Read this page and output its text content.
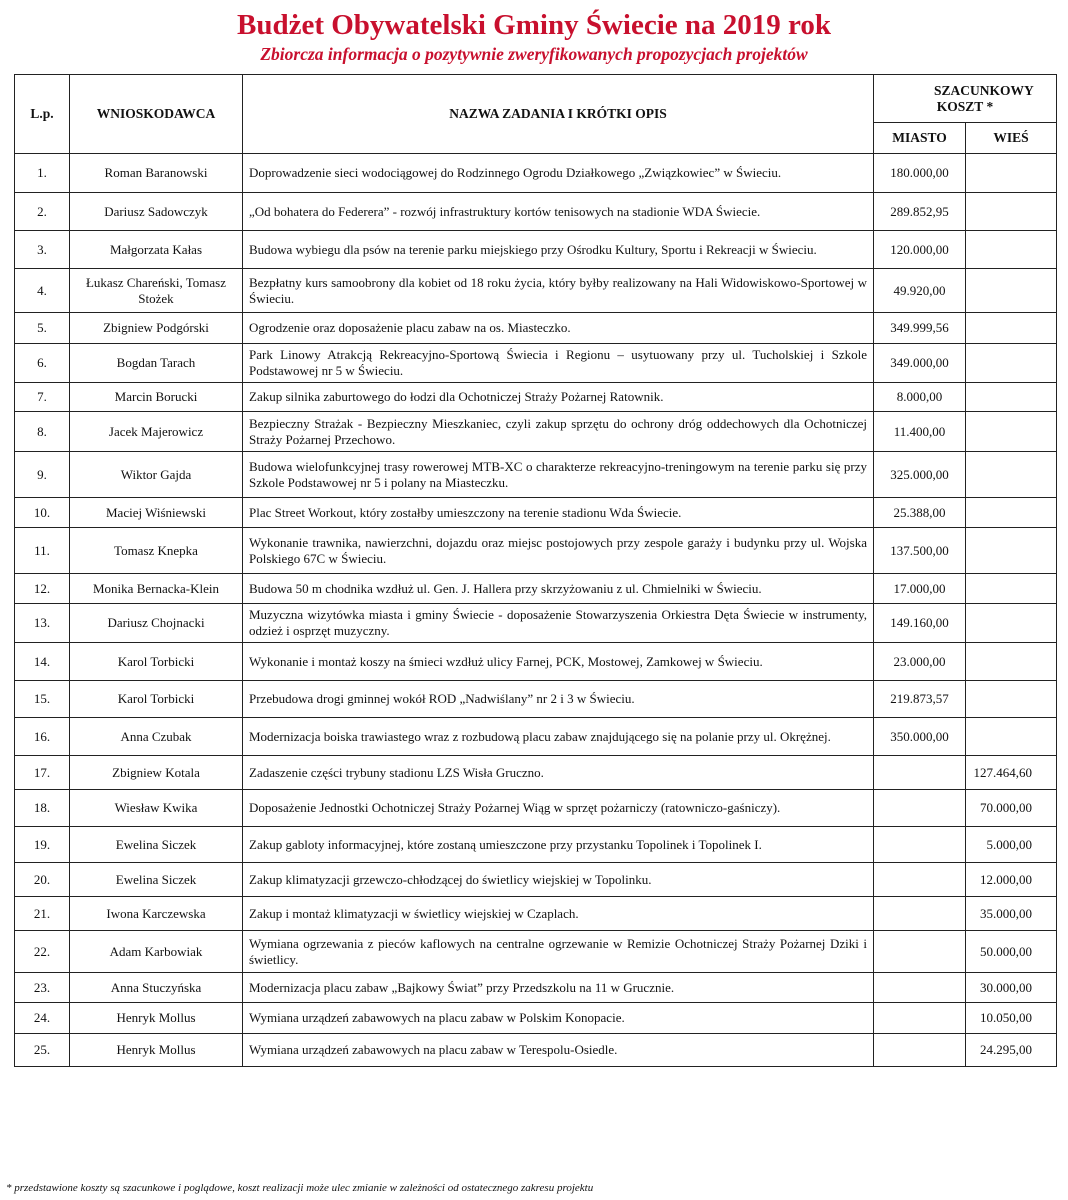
Budżet Obywatelski Gminy Świecie na 2019 rok
Zbiorcza informacja o pozytywnie zweryfikowanych propozycjach projektów
L.p.	WNIOSKODAWCA	NAZWA ZADANIA I KRÓTKI OPIS	SZACUNKOWY KOSZT *	
			MIASTO	WIEŚ
1.	Roman Baranowski	Doprowadzenie sieci wodociągowej do Rodzinnego Ogrodu Działkowego „Związkowiec” w Świeciu.	180.000,00	
2.	Dariusz Sadowczyk	„Od bohatera do Federera” - rozwój infrastruktury kortów tenisowych na stadionie WDA Świecie.	289.852,95	
3.	Małgorzata Kałas	Budowa wybiegu dla psów na terenie parku miejskiego przy Ośrodku Kultury, Sportu i Rekreacji w Świeciu.	120.000,00	
4.	Łukasz Chareński, Tomasz Stożek	Bezpłatny kurs samoobrony dla kobiet od 18 roku życia, który byłby realizowany na Hali Widowiskowo-Sportowej w Świeciu.	49.920,00	
5.	Zbigniew Podgórski	Ogrodzenie oraz doposażenie placu zabaw na os. Miasteczko.	349.999,56	
6.	Bogdan Tarach	Park Linowy Atrakcją Rekreacyjno-Sportową Świecia i Regionu – usytuowany przy ul. Tucholskiej i Szkole Podstawowej nr 5 w Świeciu.	349.000,00	
7.	Marcin Borucki	Zakup silnika zaburtowego do łodzi dla Ochotniczej Straży Pożarnej Ratownik.	8.000,00	
8.	Jacek Majerowicz	Bezpieczny Strażak - Bezpieczny Mieszkaniec, czyli zakup sprzętu do ochrony dróg oddechowych dla Ochotniczej Straży Pożarnej Przechowo.	11.400,00	
9.	Wiktor Gajda	Budowa wielofunkcyjnej trasy rowerowej MTB-XC o charakterze rekreacyjno-treningowym na terenie parku się przy Szkole Podstawowej nr 5 i polany na Miasteczku.	325.000,00	
10.	Maciej Wiśniewski	Plac Street Workout, który zostałby umieszczony na terenie stadionu Wda Świecie.	25.388,00	
11.	Tomasz Knepka	Wykonanie trawnika, nawierzchni, dojazdu oraz miejsc postojowych przy zespole garaży i budynku przy ul. Wojska Polskiego 67C w Świeciu.	137.500,00	
12.	Monika Bernacka-Klein	Budowa 50 m chodnika wzdłuż ul. Gen. J. Hallera przy skrzyżowaniu z ul. Chmielniki w Świeciu.	17.000,00	
13.	Dariusz Chojnacki	Muzyczna wizytówka miasta i gminy Świecie - doposażenie Stowarzyszenia Orkiestra Dęta Świecie w instrumenty, odzież i osprzęt muzyczny.	149.160,00	
14.	Karol Torbicki	Wykonanie i montaż koszy na śmieci wzdłuż ulicy Farnej, PCK, Mostowej, Zamkowej w Świeciu.	23.000,00	
15.	Karol Torbicki	Przebudowa drogi gminnej wokół ROD „Nadwiślany” nr 2 i 3 w Świeciu.	219.873,57	
16.	Anna Czubak	Modernizacja boiska trawiastego wraz z rozbudową placu zabaw znajdującego się na polanie przy ul. Okrężnej.	350.000,00	
17.	Zbigniew Kotala	Zadaszenie części trybuny stadionu LZS Wisła Gruczno.		127.464,60
18.	Wiesław Kwika	Doposażenie Jednostki Ochotniczej Straży Pożarnej Wiąg w sprzęt pożarniczy (ratowniczo-gaśniczy).		70.000,00
19.	Ewelina Siczek	Zakup gabloty informacyjnej, które zostaną umieszczone przy przystanku Topolinek i Topolinek I.		5.000,00
20.	Ewelina Siczek	Zakup klimatyzacji grzewczo-chłodzącej do świetlicy wiejskiej w Topolinku.		12.000,00
21.	Iwona Karczewska	Zakup i montaż klimatyzacji w świetlicy wiejskiej w Czaplach.		35.000,00
22.	Adam Karbowiak	Wymiana ogrzewania z pieców kaflowych na centralne ogrzewanie w Remizie Ochotniczej Straży Pożarnej Dziki i świetlicy.		50.000,00
23.	Anna Stuczyńska	Modernizacja placu zabaw „Bajkowy Świat” przy Przedszkolu na 11 w Grucznie.		30.000,00
24.	Henryk Mollus	Wymiana urządzeń zabawowych na placu zabaw w Polskim Konopacie.		10.050,00
25.	Henryk Mollus	Wymiana urządzeń zabawowych na placu zabaw w Terespolu-Osiedle.		24.295,00
* przedstawione koszty są szacunkowe i poglądowe, koszt realizacji może ulec zmianie w zależności od ostatecznego zakresu projektu
